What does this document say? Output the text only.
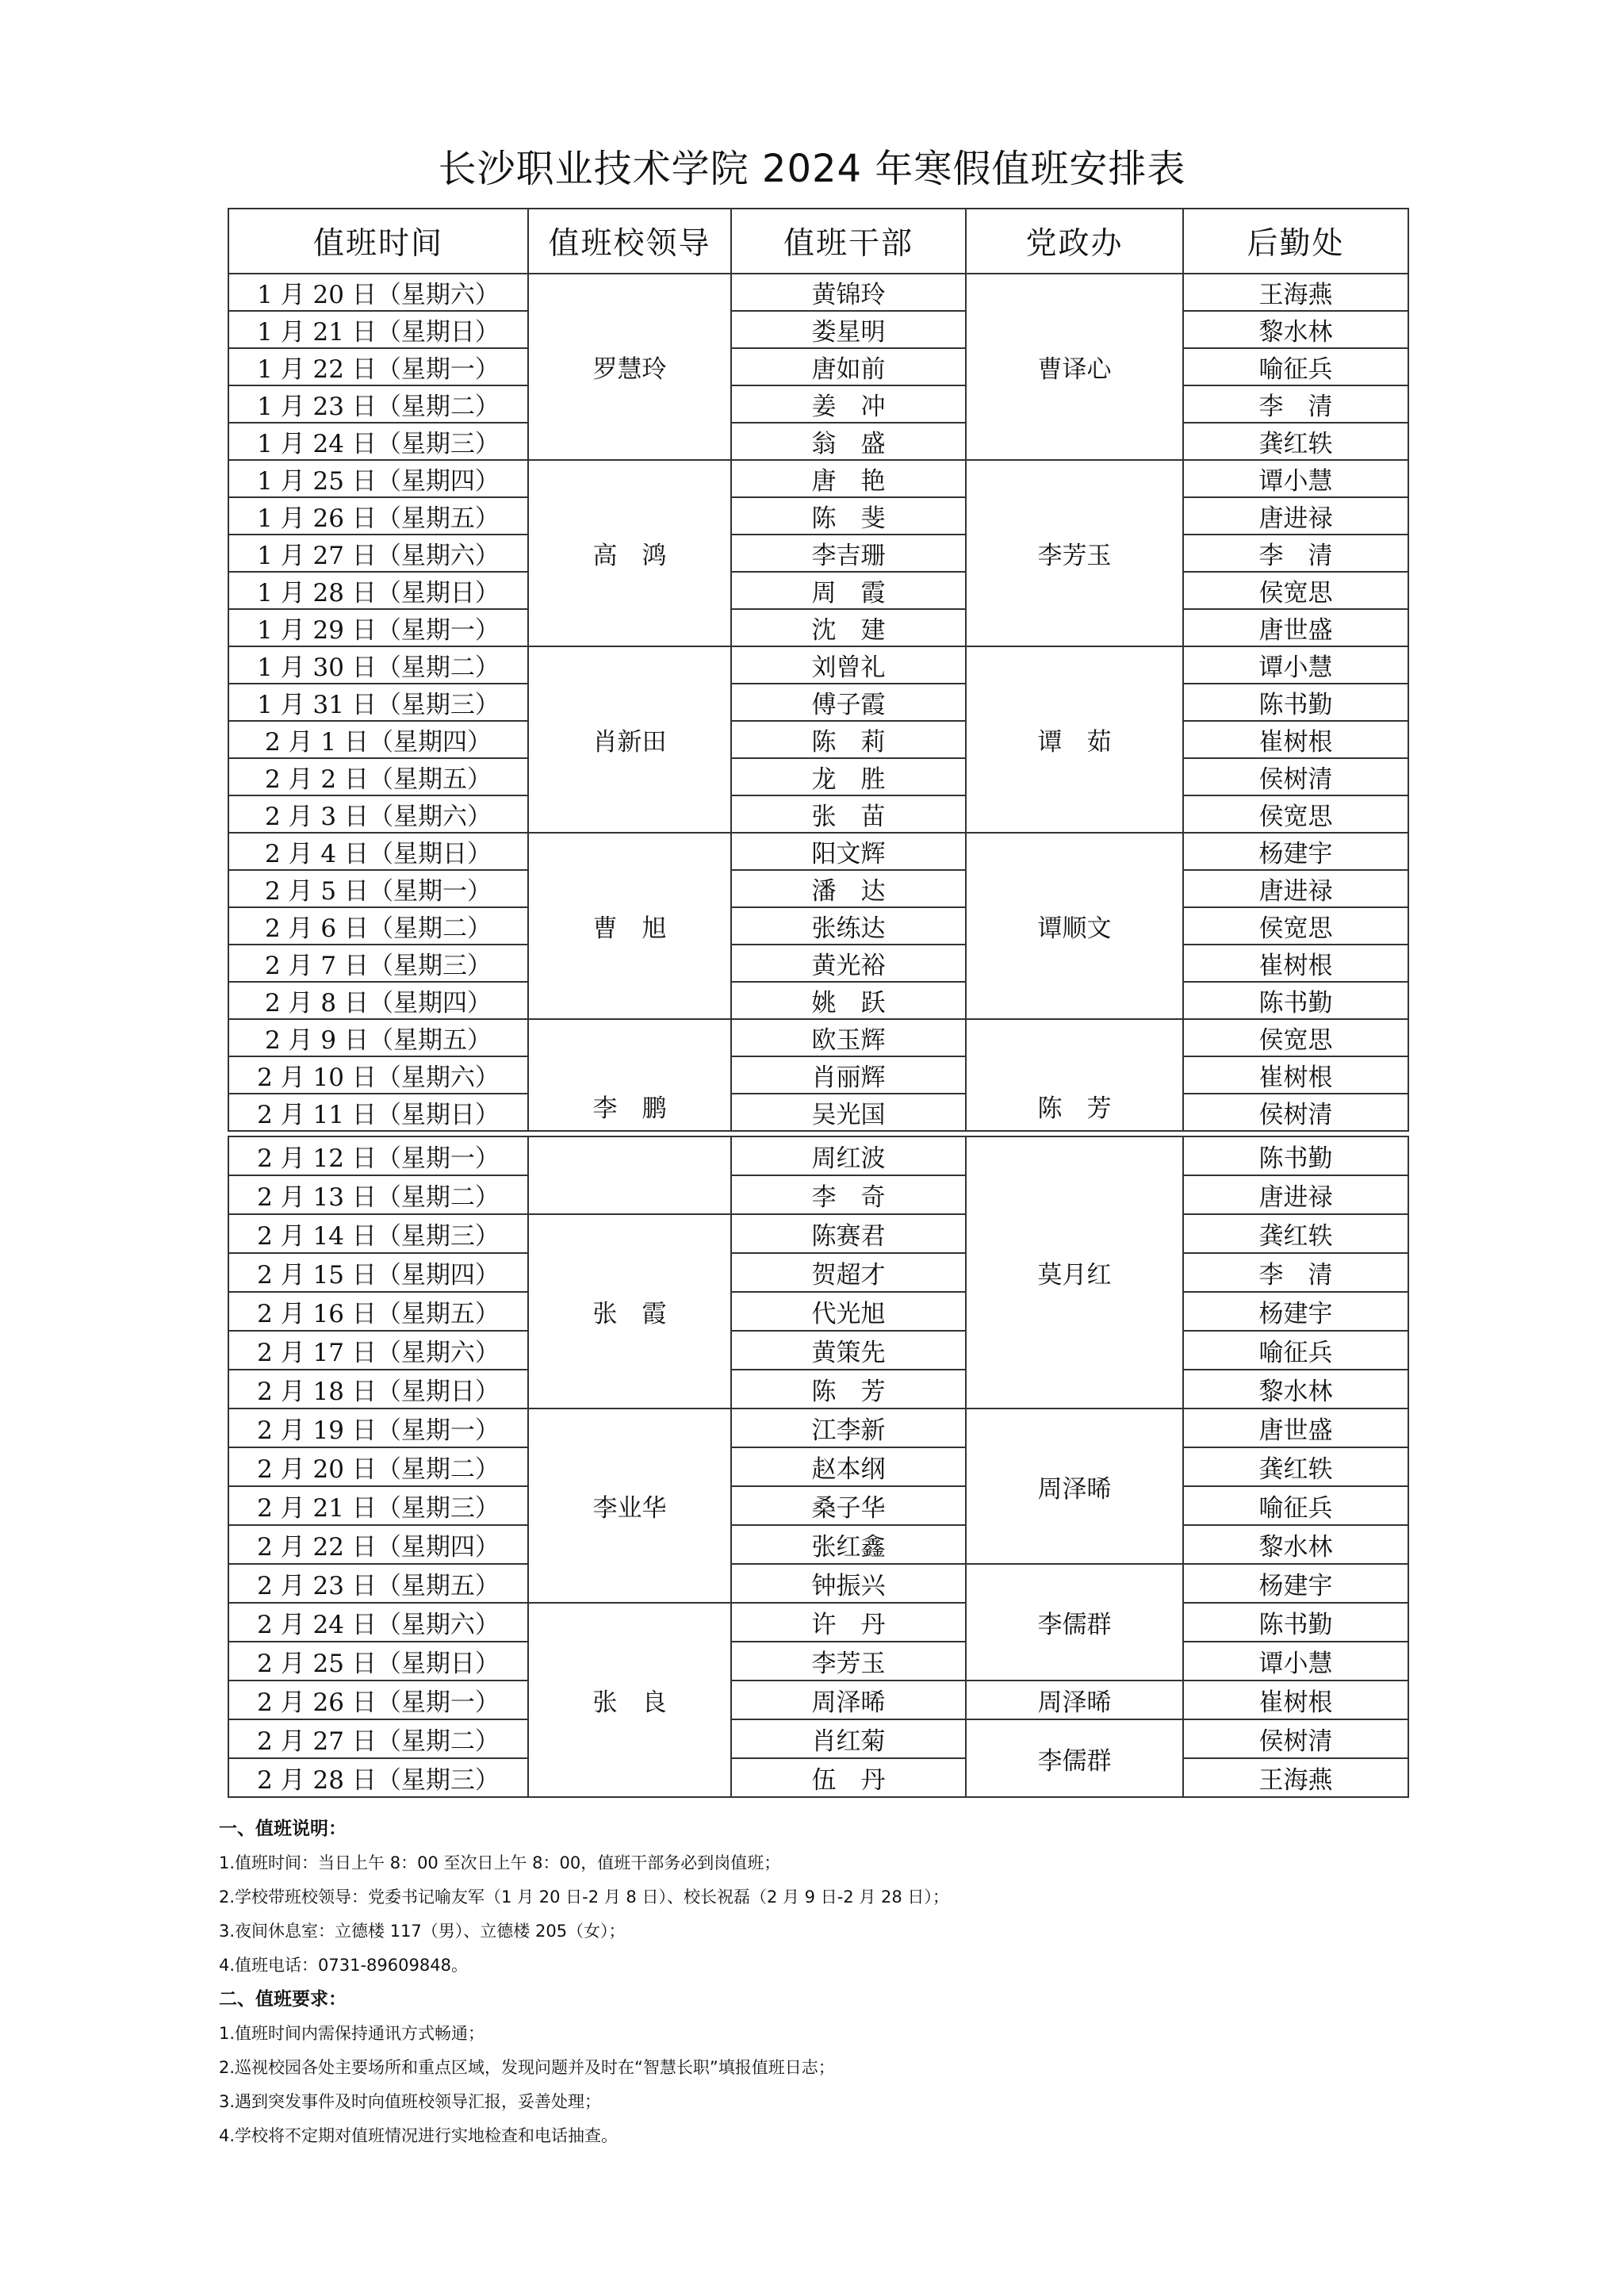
长沙职业技术学院 2024 年寒假值班安排表
值班时间	值班校领导	值班干部	党政办	后勤处
1 月 20 日（星期六）	罗慧玲	黄锦玲	曹译心	王海燕
1 月 21 日（星期日）		娄星明		黎水林
1 月 22 日（星期一）		唐如前		喻征兵
1 月 23 日（星期二）		姜　冲		李　清
1 月 24 日（星期三）		翁　盛		龚红轶
1 月 25 日（星期四）	高　鸿	唐　艳	李芳玉	谭小慧
1 月 26 日（星期五）		陈　斐		唐进禄
1 月 27 日（星期六）		李吉珊		李　清
1 月 28 日（星期日）		周　霞		侯宽思
1 月 29 日（星期一）		沈　建		唐世盛
1 月 30 日（星期二）	肖新田	刘曾礼	谭　茹	谭小慧
1 月 31 日（星期三）		傅子霞		陈书勤
2 月 1 日（星期四）		陈　莉		崔树根
2 月 2 日（星期五）		龙　胜		侯树清
2 月 3 日（星期六）		张　苗		侯宽思
2 月 4 日（星期日）	曹　旭	阳文辉	谭顺文	杨建宇
2 月 5 日（星期一）		潘　达		唐进禄
2 月 6 日（星期二）		张练达		侯宽思
2 月 7 日（星期三）		黄光裕		崔树根
2 月 8 日（星期四）		姚　跃		陈书勤
2 月 9 日（星期五）	李　鹏	欧玉辉	陈　芳	侯宽思
2 月 10 日（星期六）		肖丽辉		崔树根
2 月 11 日（星期日）		吴光国		侯树清
2 月 12 日（星期一）		周红波	莫月红	陈书勤
2 月 13 日（星期二）		李　奇		唐进禄
2 月 14 日（星期三）	张　霞	陈赛君		龚红轶
2 月 15 日（星期四）		贺超才		李　清
2 月 16 日（星期五）		代光旭		杨建宇
2 月 17 日（星期六）		黄策先		喻征兵
2 月 18 日（星期日）		陈　芳		黎水林
2 月 19 日（星期一）	李业华	江李新	周泽晞	唐世盛
2 月 20 日（星期二）		赵本纲		龚红轶
2 月 21 日（星期三）		桑子华		喻征兵
2 月 22 日（星期四）		张红鑫		黎水林
2 月 23 日（星期五）		钟振兴	李儒群	杨建宇
2 月 24 日（星期六）	张　良	许　丹		陈书勤
2 月 25 日（星期日）		李芳玉		谭小慧
2 月 26 日（星期一）		周泽晞	周泽晞	崔树根
2 月 27 日（星期二）		肖红菊	李儒群	侯树清
2 月 28 日（星期三）		伍　丹		王海燕
一、值班说明：
1.值班时间：当日上午 8：00 至次日上午 8：00，值班干部务必到岗值班；
2.学校带班校领导：党委书记喻友军（1 月 20 日-2 月 8 日）、校长祝磊（2 月 9 日-2 月 28 日）；
3.夜间休息室：立德楼 117（男）、立德楼 205（女）；
4.值班电话：0731-89609848。
二、值班要求：
1.值班时间内需保持通讯方式畅通；
2.巡视校园各处主要场所和重点区域，发现问题并及时在“智慧长职”填报值班日志；
3.遇到突发事件及时向值班校领导汇报，妥善处理；
4.学校将不定期对值班情况进行实地检查和电话抽查。
